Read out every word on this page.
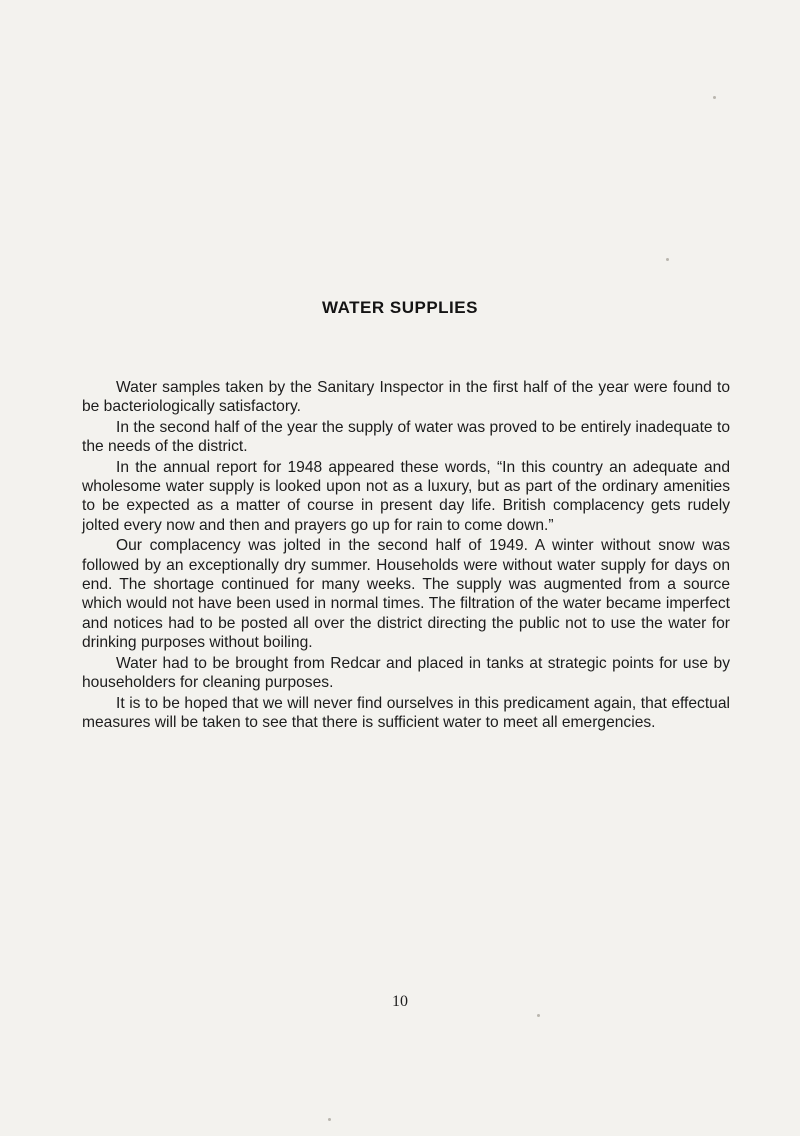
WATER SUPPLIES

Water samples taken by the Sanitary Inspector in the first half of the year were found to be bacteriologically satisfactory.

In the second half of the year the supply of water was proved to be entirely inadequate to the needs of the district.

In the annual report for 1948 appeared these words, “In this country an adequate and wholesome water supply is looked upon not as a luxury, but as part of the ordinary amenities to be expected as a matter of course in present day life. British complacency gets rudely jolted every now and then and prayers go up for rain to come down.”

Our complacency was jolted in the second half of 1949. A winter without snow was followed by an exceptionally dry summer. Households were without water supply for days on end. The shortage continued for many weeks. The supply was augmented from a source which would not have been used in normal times. The filtration of the water became imperfect and notices had to be posted all over the district directing the public not to use the water for drinking purposes without boiling.

Water had to be brought from Redcar and placed in tanks at strategic points for use by householders for cleaning purposes.

It is to be hoped that we will never find ourselves in this predicament again, that effectual measures will be taken to see that there is sufficient water to meet all emergencies.

10
